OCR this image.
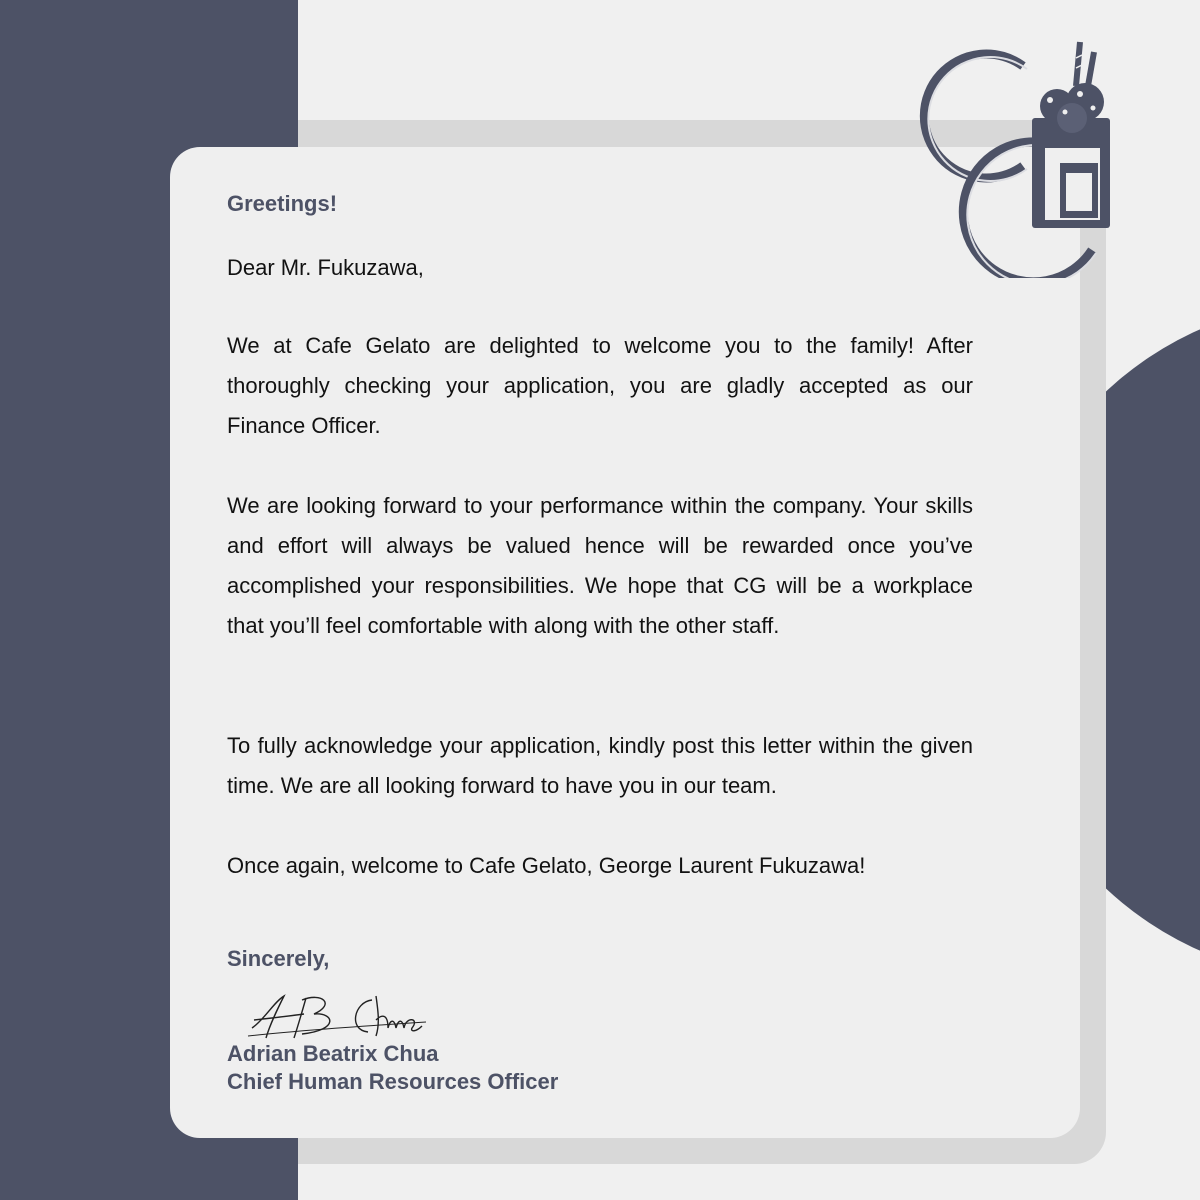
Greetings!

Dear Mr. Fukuzawa,

We at Cafe Gelato are delighted to welcome you to the family! After thoroughly checking your application, you are gladly accepted as our Finance Officer.

We are looking forward to your performance within the company. Your skills and effort will always be valued hence will be rewarded once you’ve accomplished your responsibilities. We hope that CG will be a workplace that you’ll feel comfortable with along with the other staff.

To fully acknowledge your application, kindly post this letter within the given time. We are all looking forward to have you in our team.

Once again, welcome to Cafe Gelato, George Laurent Fukuzawa!

Sincerely,

Adrian Beatrix Chua

Chief Human Resources Officer
